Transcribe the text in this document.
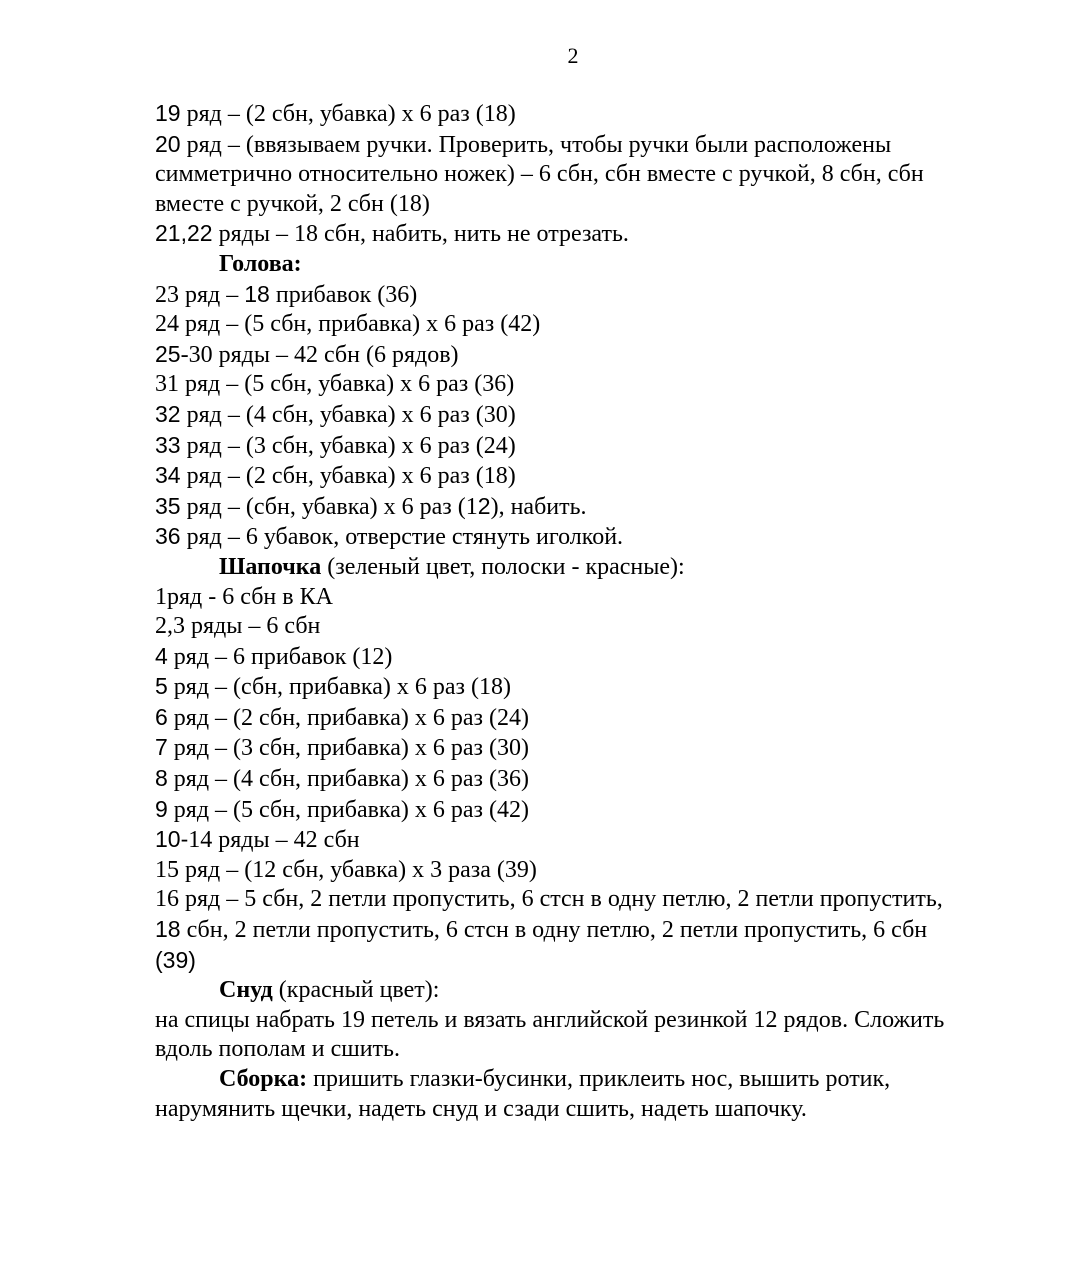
2
19 ряд – (2 сбн, убавка) х 6 раз (18)
20 ряд – (ввязываем ручки. Проверить, чтобы ручки были расположены
симметрично относительно ножек) – 6 сбн, сбн вместе с ручкой, 8 сбн, сбн
вместе с ручкой, 2 сбн (18)
21,22 ряды – 18 сбн, набить, нить не отрезать.
Голова:
23 ряд – 18 прибавок (36)
24 ряд – (5 сбн, прибавка) х 6 раз (42)
25-30 ряды – 42 сбн (6 рядов)
31 ряд – (5 сбн, убавка) х 6 раз (36)
32 ряд – (4 сбн, убавка) х 6 раз (30)
33 ряд – (3 сбн, убавка) х 6 раз (24)
34 ряд – (2 сбн, убавка) х 6 раз (18)
35 ряд – (сбн, убавка) х 6 раз (12), набить.
36 ряд – 6 убавок, отверстие стянуть иголкой.
Шапочка (зеленый цвет, полоски - красные):
1ряд - 6 сбн в КА
2,3 ряды – 6 сбн
4 ряд – 6 прибавок (12)
5 ряд – (сбн, прибавка) х 6 раз (18)
6 ряд – (2 сбн, прибавка) х 6 раз (24)
7 ряд – (3 сбн, прибавка) х 6 раз (30)
8 ряд – (4 сбн, прибавка) х 6 раз (36)
9 ряд – (5 сбн, прибавка) х 6 раз (42)
10-14 ряды – 42 сбн
15 ряд – (12 сбн, убавка) х 3 раза (39)
16 ряд – 5 сбн, 2 петли пропустить, 6 стсн в одну петлю, 2 петли пропустить,
18 сбн, 2 петли пропустить, 6 стсн в одну петлю, 2 петли пропустить, 6 сбн
(39)
Снуд (красный цвет):
на спицы набрать 19 петель и вязать английской резинкой 12 рядов. Сложить
вдоль пополам и сшить.
Сборка: пришить глазки-бусинки, приклеить нос, вышить ротик,
нарумянить щечки, надеть снуд и сзади сшить, надеть шапочку.
